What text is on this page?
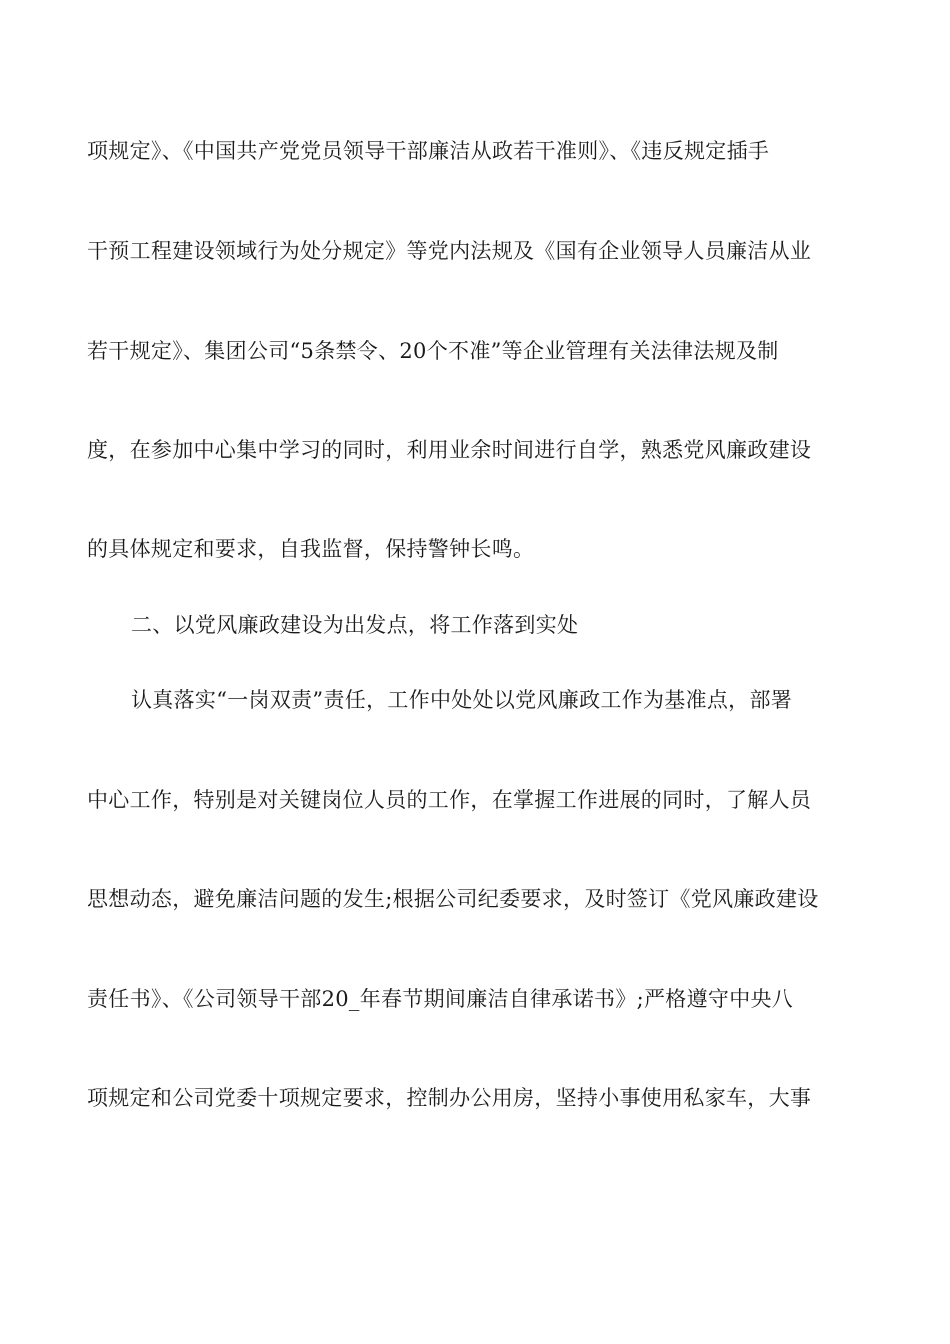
项规定》、《中国共产党党员领导干部廉洁从政若干准则》、《违反规定插手

干预工程建设领域行为处分规定》等党内法规及《国有企业领导人员廉洁从业

若干规定》、集团公司“5条禁令、20个不准”等企业管理有关法律法规及制

度，在参加中心集中学习的同时，利用业余时间进行自学，熟悉党风廉政建设

的具体规定和要求，自我监督，保持警钟长鸣。

二、以党风廉政建设为出发点，将工作落到实处

认真落实“一岗双责”责任，工作中处处以党风廉政工作为基准点，部署

中心工作，特别是对关键岗位人员的工作，在掌握工作进展的同时，了解人员

思想动态，避免廉洁问题的发生;根据公司纪委要求，及时签订《党风廉政建设

责任书》、《公司领导干部20_年春节期间廉洁自律承诺书》;严格遵守中央八

项规定和公司党委十项规定要求，控制办公用房，坚持小事使用私家车，大事
